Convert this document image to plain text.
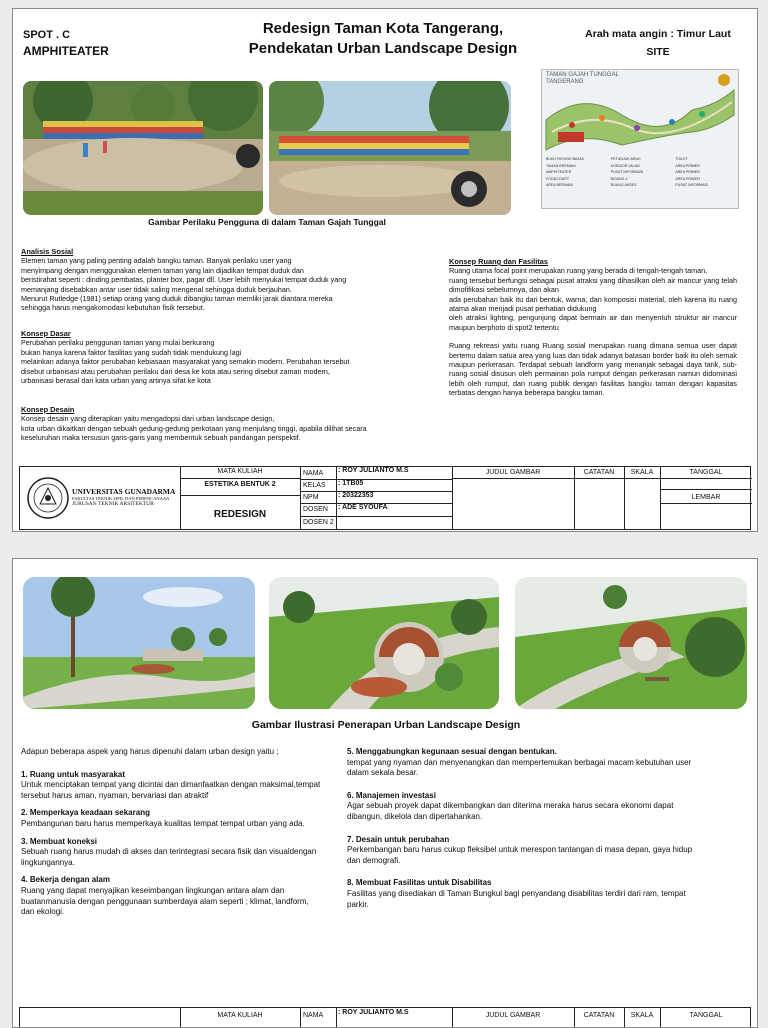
SPOT . C
AMPHITEATER
Redesign Taman Kota Tangerang,
Pendekatan Urban Landscape Design
Arah mata angin : Timur Laut
SITE
TAMAN GAJAH TUNGGAL
TANGERANG
BUKU PAYUNG BAJAK
TAMAN BERMAIN
AMPHITEATER
FOODCOURT
AREA BERMAIN
PETUNJUK ARAH
KORIDOR JALAN
PUSAT INFORMASI
BIDANG 4
RUANG AKSES
TOILET
AREA PRIMER
AREA PRIMER
AREA PRIMER
PUSAT INFORMASI
Gambar Perilaku Pengguna di dalam Taman Gajah Tunggal
Analisis Sosial

Elemen taman yang paling penting adalah bangku taman. Banyak perilaku user yang

menyimpang dengan menggunakan elemen taman yang lain dijadikan tempat duduk dan

beristirahat seperti : dinding pembatas, planter box, pagar dll. User lebih menyukai tempat duduk yang

memanjang disebabkan antar user tidak saling mengenal sehingga duduk berjauhan.

Menurut Rutledge (1981) setiap orang yang duduk dibangku taman memliki jarak diantara mereka

sehingga harus mengakomodasi kebutuhan fisik tersebut.

Konsep Dasar

Perubahan perilaku penggunan taman yang mulai berkurang

bukan hanya karena faktor fasilitas yang sudah tidak mendukung lagi

melainkan adanya faktor perubahan kebiasaan masyarakat yang semakin modern. Perubahan tersebut

disebut urbanisasi atau perubahan perilaku dari desa ke kota atau sering disebut zaman modern,

urbanisasi berasal dari kata urban yang artinya sifat ke kota

Konsep Desain

Konsep desain yang diterapkan yaitu mengadopsi dari urban landscape design,

kota urban dikaitkan dengan sebuah gedung-gedung perkotaan yang menjulang tinggi, apabila dilihat secara

keseluruhan maka tersusun garis-garis yang membentuk sebuah pandangan perspektif.

Konsep Ruang dan Fasilitas

Ruang utama focal point merupakan ruang yang berada di tengah-tengah taman,

ruang tersebut berfungsi sebagai pusat atraksi yang dihasilkan oleh air mancur yang telah dimofifikasi sebelumnya, dan akan

ada perubahan baik itu dari bentuk, warna, dan komposisi material, oleh karena itu ruang atama akan menjadi pusat perhatian didukung

oleh atraksi lighting, pengunjung dapat bermain air dan menyentuh struktur air mancur maupun berphoto di spot2 tertentu

Ruang rekreasi yaitu ruang Ruang sosial merupakan ruang dimana semua user dapat bertemu dalam satua area yang luas dan tidak adanya batasan border baik itu oleh semak maupun perkerasan. Terdapat sebuah landform yang menanjak sebagai daya tarik, sub-ruang sosial disusun oleh permainan pola rumput dengan perkerasan namun didominasi lebih oleh rumput, dan ruang publik dengan fasilitas bangku taman dengan kapasitas terbatas dengan hanya beberapa bangku taman.

UNIVERSITAS GUNADARMA
FAKULTAS TEKNIK SIPIL DAN PERENCANAAN
JURUSAN TEKNIK ARSITEKTUR
MATA KULIAH
ESTETIKA BENTUK 2
REDESIGN
NAMA : ROY JULIANTO M.S
KELAS : 1TB05
NPM	: 20322353
DOSEN : ADE SYOUFA
DOSEN 2 :
JUDUL GAMBAR	CATATAN	SKALA	TANGGAL
LEMBAR
Gambar Ilustrasi Penerapan Urban Landscape Design

Adapun beberapa aspek yang harus dipenuhi dalam urban design yaitu ;

1. Ruang untuk masyarakat

Untuk menciptakan tempat yang dicintai dan dimanfaatkan dengan maksimal,tempat tersebut harus aman, nyaman, bervariasi dan atraktif

2. Memperkaya keadaan sekarang

Pembangunan baru harus memperkaya kualitas tempat tempat urban yang ada.

3. Membuat koneksi

Sebuah ruang harus mudah di akses dan terintegrasi secara fisik dan visualdengan lingkungannya.

4. Bekerja dengan alam

Ruang yang dapat menyajikan keseimbangan lingkungan antara alam dan buatanmanusia dengan penggunaan sumberdaya alam seperti ; klimat, landform, dan ekologi.

5. Menggabungkan kegunaan sesuai dengan bentukan.

tempat yang nyaman dan menyenangkan dan mempertemukan berbagai macam kebutuhan user dalam sekala besar.

6. Manajemen investasi

Agar sebuah proyek dapat dikembangkan dan diterima meraka harus secara ekonomi dapat dibangun, dikelola dan dipertahankan.

7. Desain untuk perubahan

Perkembangan baru harus cukup fleksibel untuk merespon tantangan di masa depan, gaya hidup dan demografi.

8. Membuat Fasilitas untuk Disabilitas

Fasilitas yang disediakan di Taman Bungkul bagi penyandang disabilitas terdiri dari ram, tempat parkir.

MATA KULIAH	NAMA : ROY JULIANTO M.S	JUDUL GAMBAR	CATATAN	SKALA	TANGGAL
